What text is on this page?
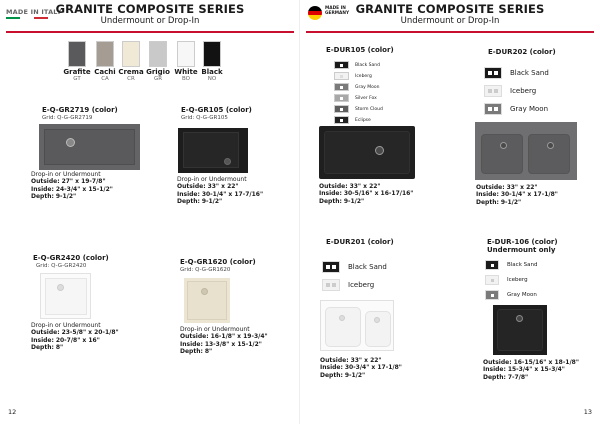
MADE IN ITALY
GRANITE COMPOSITE SERIES
Undermount or Drop-In
Grafite
GT
Cachi
CA
Crema
CR
Grigio
GR
White
BO
Black
NO
E-Q-GR2719 (color)
Grid: Q-G-GR2719
Drop-in or Undermount
Outside: 27" x 19-7/8"
Inside: 24-3/4" x 15-1/2"
Depth: 9-1/2"
E-Q-GR105 (color)
Grid: Q-G-GR105
Drop-in or Undermount
Outside: 33" x 22"
Inside: 30-1/4" x 17-7/16"
Depth: 9-1/2"
E-Q-GR2420 (color)
Grid: Q-G-GR2420
Drop-in or Undermount
Outside: 23-5/8" x 20-1/8"
Inside: 20-7/8" x 16"
Depth: 8"
E-Q-GR1620 (color)
Grid: Q-G-GR1620
Drop-in or Undermount
Outside: 16-1/8" x 19-3/4"
Inside: 13-3/8" x 15-1/2"
Depth: 8"
12
MADE IN
GERMANY GRANITE COMPOSITE SERIES
Undermount or Drop-In
E-DUR105 (color)
Black Sand
Iceberg
Gray Moon
Silver Fox
Storm Cloud
Eclipse
Outside: 33" x 22"
Inside: 30-5/16" x 16-17/16"
Depth: 9-1/2"
E-DUR202 (color)
Black Sand
Iceberg
Gray Moon
Outside: 33" x 22"
Inside: 30-1/4" x 17-1/8"
Depth: 9-1/2"
E-DUR201 (color)
Black Sand
Iceberg
Outside: 33" x 22"
Inside: 30-3/4" x 17-1/8"
Depth: 9-1/2"
E-DUR-106 (color)
Undermount only
Black Sand
Iceberg
Gray Moon
Outside: 16-15/16" x 18-1/8"
Inside: 15-3/4" x 15-3/4"
Depth: 7-7/8"
13
